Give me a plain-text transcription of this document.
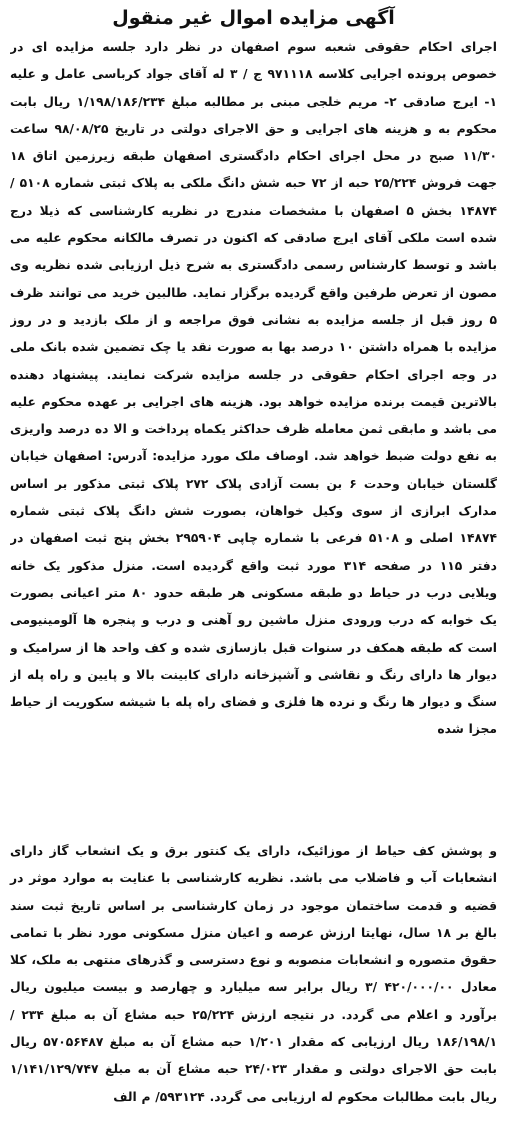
آگهی مزایده اموال غیر منقول

اجرای احکام حقوقی شعبه سوم اصفهان در نظر دارد جلسه مزایده ای در خصوص پرونده اجرایی کلاسه ۹۷۱۱۱۸ ج / ۳ له آقای جواد کرباسی عامل و علیه ۱- ایرج صادقی ۲- مریم خلجی مبنی بر مطالبه مبلغ ۱/۱۹۸/۱۸۶/۲۳۴ ریال بابت محکوم به و هزینه های اجرایی و حق الاجرای دولتی در تاریخ ۹۸/۰۸/۲۵ ساعت ۱۱/۳۰ صبح در محل اجرای احکام دادگستری اصفهان طبقه زیرزمین اتاق ۱۸ جهت فروش ۲۵/۲۲۴ حبه از ۷۲ حبه شش دانگ ملکی به پلاک ثبتی شماره ۵۱۰۸ / ۱۴۸۷۴ بخش ۵ اصفهان با مشخصات مندرج در نظریه کارشناسی که ذیلا درج شده است ملکی آقای ایرج صادقی که اکنون در تصرف مالکانه محکوم علیه می باشد و توسط کارشناس رسمی دادگستری به شرح ذیل ارزیابی شده نظریه وی مصون از تعرض طرفین واقع گردیده برگزار نماید. طالبین خرید می توانند ظرف ۵ روز قبل از جلسه مزایده به نشانی فوق مراجعه و از ملک بازدید و در روز مزایده با همراه داشتن ۱۰ درصد بها به صورت نقد یا چک تضمین شده بانک ملی در وجه اجرای احکام حقوقی در جلسه مزایده شرکت نمایند. پیشنهاد دهنده بالاترین قیمت برنده مزایده خواهد بود. هزینه های اجرایی بر عهده محکوم علیه می باشد و مابقی ثمن معامله ظرف حداکثر یکماه پرداخت و الا ده درصد واریزی به نفع دولت ضبط خواهد شد. اوصاف ملک مورد مزایده: آدرس: اصفهان خیابان گلستان خیابان وحدت ۶ بن بست آزادی پلاک ۲۷۲ پلاک ثبتی مذکور بر اساس مدارک ابرازی از سوی وکیل خواهان، بصورت شش دانگ پلاک ثبتی شماره ۱۴۸۷۴ اصلی و ۵۱۰۸ فرعی با شماره چاپی ۲۹۵۹۰۴ بخش پنج ثبت اصفهان در دفتر ۱۱۵ در صفحه ۳۱۴ مورد ثبت واقع گردیده است. منزل مذکور یک خانه ویلایی درب در حیاط دو طبقه مسکونی هر طبقه حدود ۸۰ متر اعیانی بصورت یک خوابه که درب ورودی منزل ماشین رو آهنی و درب و پنجره ها آلومینیومی است که طبقه همکف در سنوات قبل بازسازی شده و کف واحد ها از سرامیک و دیوار ها دارای رنگ و نقاشی و آشپزخانه دارای کابینت بالا و پایین و راه پله از سنگ و دیوار ها رنگ و نرده ها فلزی و فضای راه پله با شیشه سکوریت از حیاط مجزا شده

و پوشش کف حیاط از موزائیک، دارای یک کنتور برق و یک انشعاب گاز دارای انشعابات آب و فاضلاب می باشد. نظریه کارشناسی با عنایت به موارد موثر در قضیه و قدمت ساختمان موجود در زمان کارشناسی بر اساس تاریخ ثبت سند بالغ بر ۱۸ سال، نهایتا ارزش عرصه و اعیان منزل مسکونی مورد نظر با تمامی حقوق متصوره و انشعابات منصوبه و نوع دسترسی و گذرهای منتهی به ملک، کلا معادل ۴۲۰/۰۰۰/۰۰ /۳ ریال برابر سه میلیارد و چهارصد و بیست میلیون ریال برآورد و اعلام می گردد. در نتیجه ارزش ۲۵/۲۲۴ حبه مشاع آن به مبلغ ۲۳۴ /۱۸۶/۱۹۸/۱ ریال ارزیابی که مقدار ۱/۲۰۱ حبه مشاع آن به مبلغ ۵۷۰۵۶۴۸۷ ریال بابت حق الاجرای دولتی و مقدار ۲۴/۰۲۳ حبه مشاع آن به مبلغ ۱/۱۴۱/۱۲۹/۷۴۷ ریال بابت مطالبات محکوم له ارزیابی می گردد. ۵۹۳۱۲۴/ م الف
